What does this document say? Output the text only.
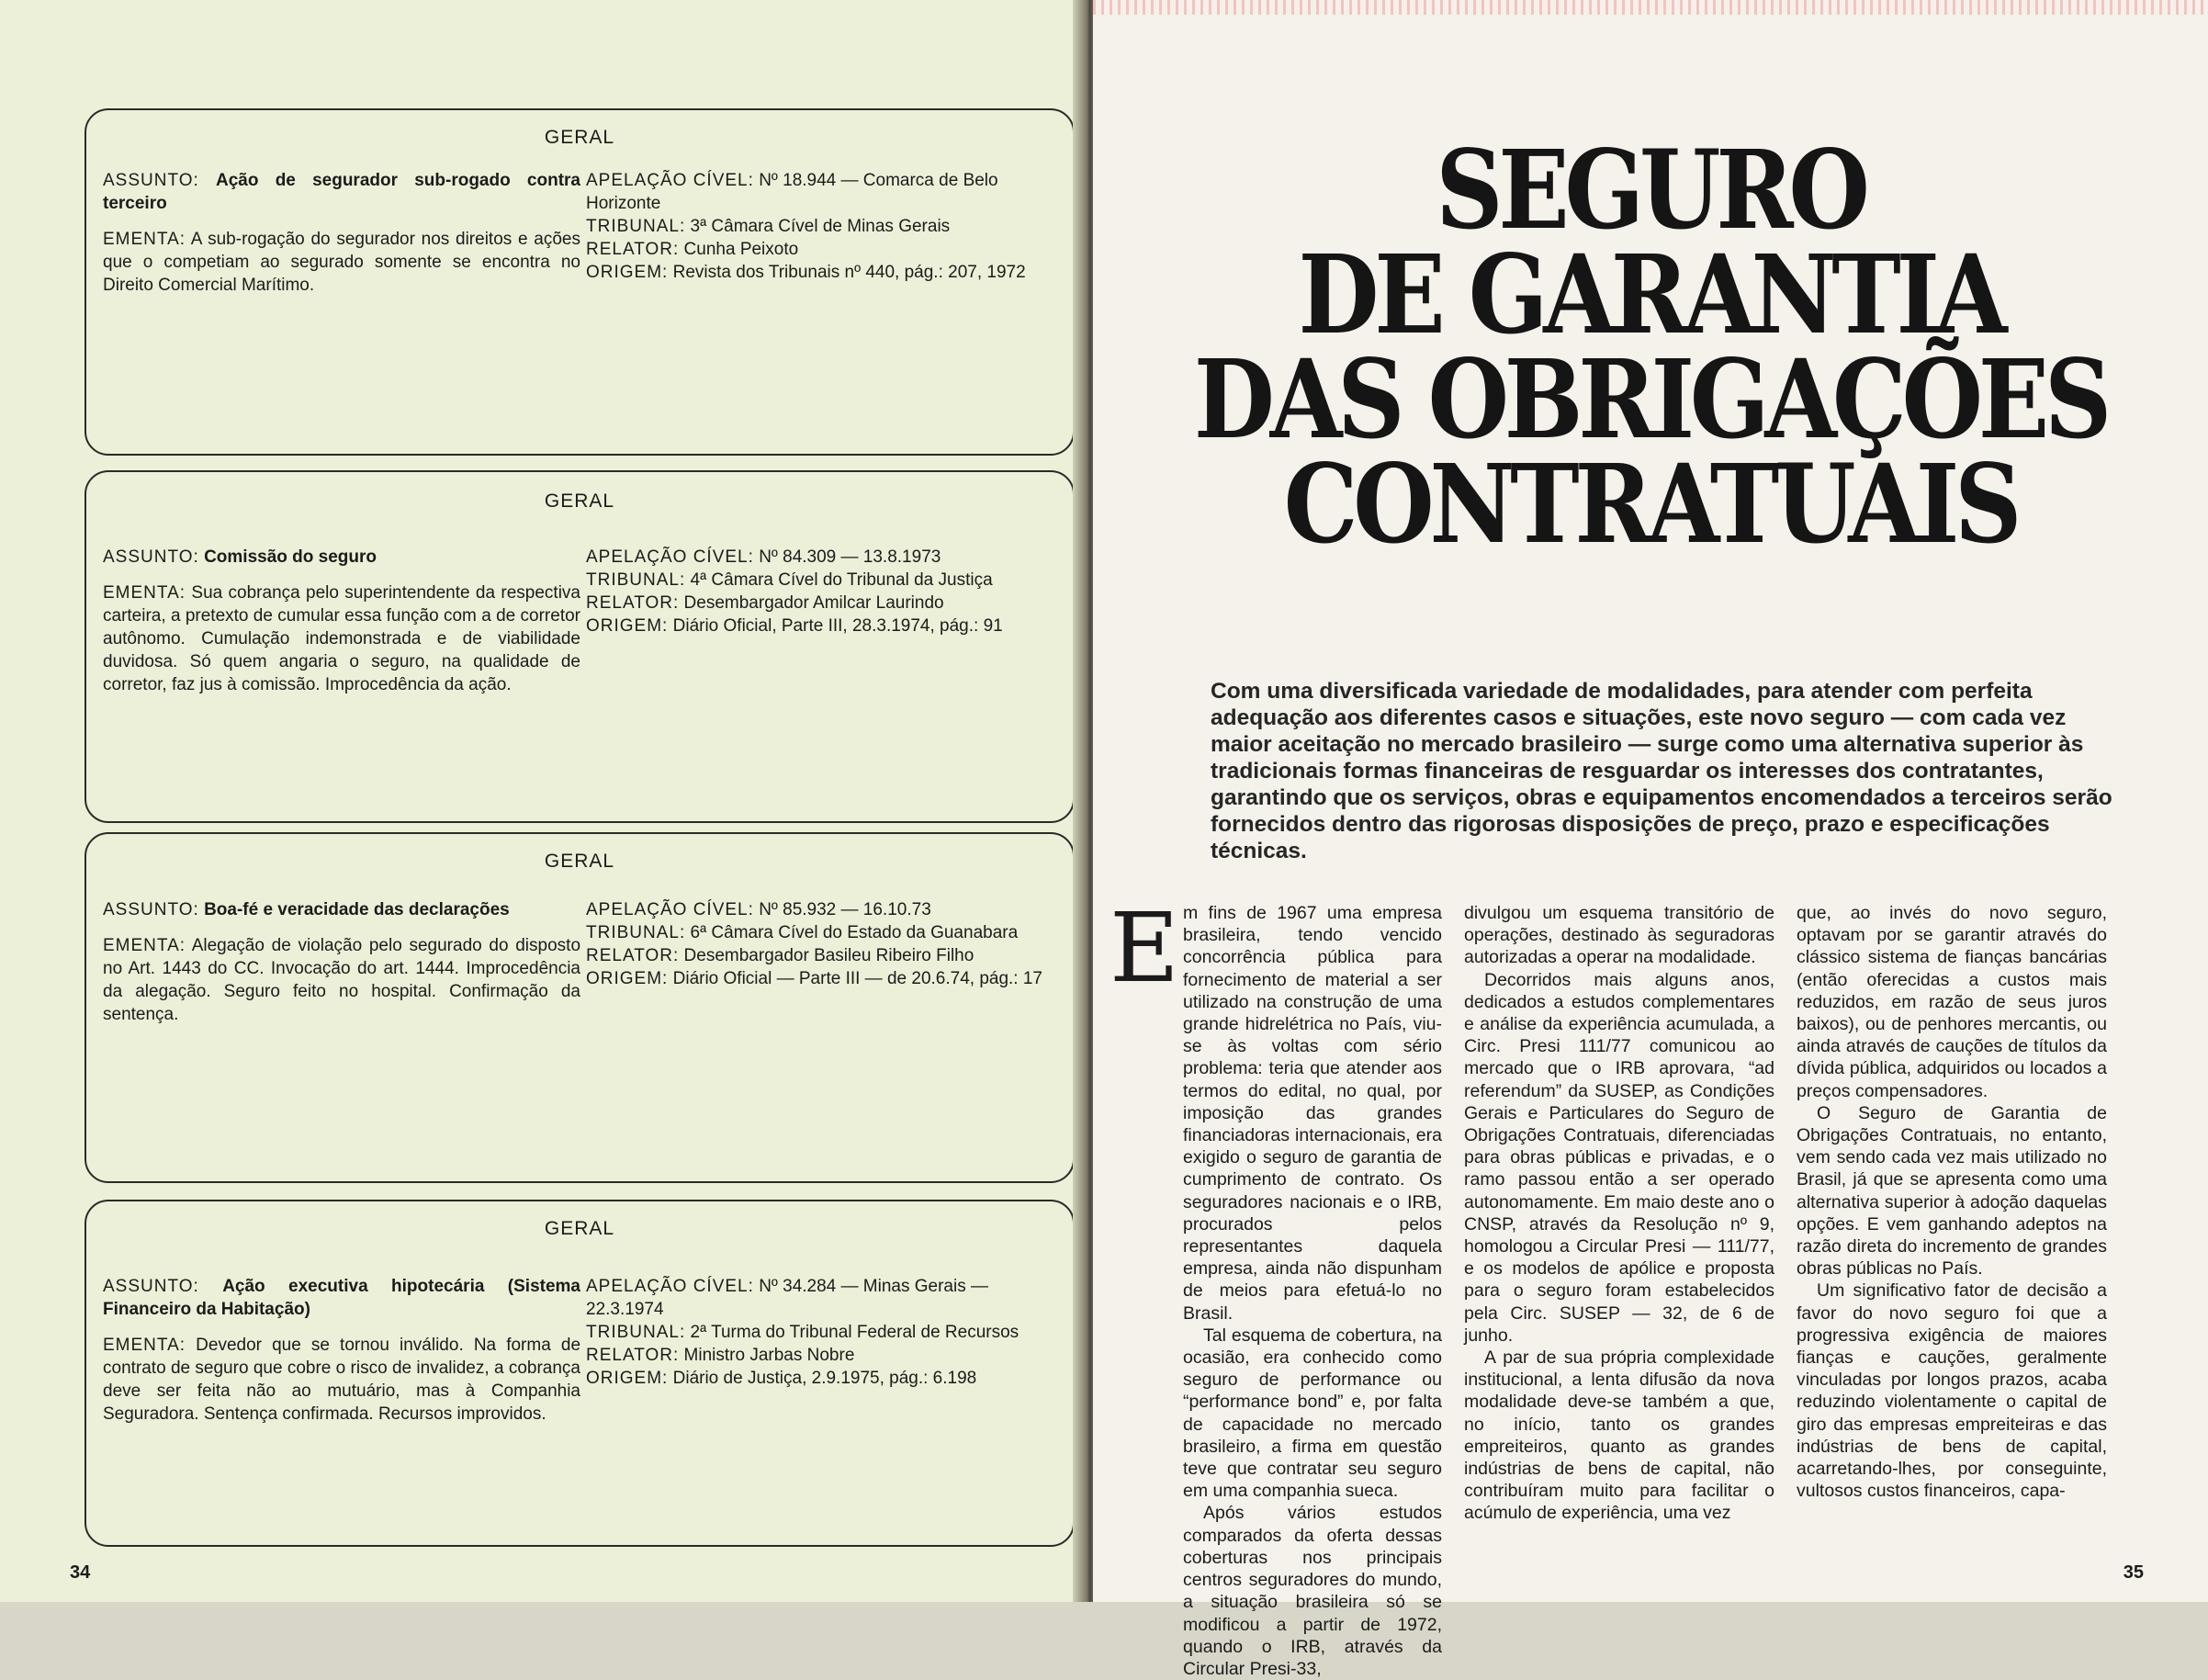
GERAL
ASSUNTO: Ação de segurador sub-rogado contra terceiro
EMENTA: A sub-rogação do segurador nos direitos e ações que o competiam ao segurado somente se encontra no Direito Comercial Marítimo.
APELAÇÃO CÍVEL: Nº 18.944 — Comarca de Belo Horizonte
TRIBUNAL: 3ª Câmara Cível de Minas Gerais
RELATOR: Cunha Peixoto
ORIGEM: Revista dos Tribunais nº 440, pág.: 207, 1972
GERAL
ASSUNTO: Comissão do seguro
EMENTA: Sua cobrança pelo superintendente da respectiva carteira, a pretexto de cumular essa função com a de corretor autônomo. Cumulação indemonstrada e de viabilidade duvidosa. Só quem angaria o seguro, na qualidade de corretor, faz jus à comissão. Improcedência da ação.
APELAÇÃO CÍVEL: Nº 84.309 — 13.8.1973
TRIBUNAL: 4ª Câmara Cível do Tribunal da Justiça
RELATOR: Desembargador Amilcar Laurindo
ORIGEM: Diário Oficial, Parte III, 28.3.1974, pág.: 91
GERAL
ASSUNTO: Boa-fé e veracidade das declarações
EMENTA: Alegação de violação pelo segurado do disposto no Art. 1443 do CC. Invocação do art. 1444. Improcedência da alegação. Seguro feito no hospital. Confirmação da sentença.
APELAÇÃO CÍVEL: Nº 85.932 — 16.10.73
TRIBUNAL: 6ª Câmara Cível do Estado da Guanabara
RELATOR: Desembargador Basileu Ribeiro Filho
ORIGEM: Diário Oficial — Parte III — de 20.6.74, pág.: 17
GERAL
ASSUNTO: Ação executiva hipotecária (Sistema Financeiro da Habitação)
EMENTA: Devedor que se tornou inválido. Na forma de contrato de seguro que cobre o risco de invalidez, a cobrança deve ser feita não ao mutuário, mas à Companhia Seguradora. Sentença confirmada. Recursos improvidos.
APELAÇÃO CÍVEL: Nº 34.284 — Minas Gerais — 22.3.1974
TRIBUNAL: 2ª Turma do Tribunal Federal de Recursos
RELATOR: Ministro Jarbas Nobre
ORIGEM: Diário de Justiça, 2.9.1975, pág.: 6.198
34
SEGURO
DE GARANTIA
DAS OBRIGAÇÕES
CONTRATUAIS
Com uma diversificada variedade de modalidades, para atender com perfeita adequação aos diferentes casos e situações, este novo seguro — com cada vez maior aceitação no mercado brasileiro — surge como uma alternativa superior às tradicionais formas financeiras de resguardar os interesses dos contratantes, garantindo que os serviços, obras e equipamentos encomendados a terceiros serão fornecidos dentro das rigorosas disposições de preço, prazo e especificações técnicas.
E m fins de 1967 uma empresa brasileira, tendo vencido concorrência pública para fornecimento de material a ser utilizado na construção de uma grande hidrelétrica no País, viu-se às voltas com sério problema: teria que atender aos termos do edital, no qual, por imposição das grandes financiadoras internacionais, era exigido o seguro de garantia de cumprimento de contrato. Os seguradores nacionais e o IRB, procurados pelos representantes daquela empresa, ainda não dispunham de meios para efetuá-lo no Brasil.

Tal esquema de cobertura, na ocasião, era conhecido como seguro de performance ou “performance bond” e, por falta de capacidade no mercado brasileiro, a firma em questão teve que contratar seu seguro em uma companhia sueca.

Após vários estudos comparados da oferta dessas coberturas nos principais centros seguradores do mundo, a situação brasileira só se modificou a partir de 1972, quando o IRB, através da Circular Presi-33,

divulgou um esquema transitório de operações, destinado às seguradoras autorizadas a operar na modalidade.

Decorridos mais alguns anos, dedicados a estudos complementares e análise da experiência acumulada, a Circ. Presi 111/77 comunicou ao mercado que o IRB aprovara, “ad referendum” da SUSEP, as Condições Gerais e Particulares do Seguro de Obrigações Contratuais, diferenciadas para obras públicas e privadas, e o ramo passou então a ser operado autonomamente. Em maio deste ano o CNSP, através da Resolução nº 9, homologou a Circular Presi — 111/77, e os modelos de apólice e proposta para o seguro foram estabelecidos pela Circ. SUSEP — 32, de 6 de junho.

A par de sua própria complexidade institucional, a lenta difusão da nova modalidade deve-se também a que, no início, tanto os grandes empreiteiros, quanto as grandes indústrias de bens de capital, não contribuíram muito para facilitar o acúmulo de experiência, uma vez

que, ao invés do novo seguro, optavam por se garantir através do clássico sistema de fianças bancárias (então oferecidas a custos mais reduzidos, em razão de seus juros baixos), ou de penhores mercantis, ou ainda através de cauções de títulos da dívida pública, adquiridos ou locados a preços compensadores.

O Seguro de Garantia de Obrigações Contratuais, no entanto, vem sendo cada vez mais utilizado no Brasil, já que se apresenta como uma alternativa superior à adoção daquelas opções. E vem ganhando adeptos na razão direta do incremento de grandes obras públicas no País.

Um significativo fator de decisão a favor do novo seguro foi que a progressiva exigência de maiores fianças e cauções, geralmente vinculadas por longos prazos, acaba reduzindo violentamente o capital de giro das empresas empreiteiras e das indústrias de bens de capital, acarretando-lhes, por conseguinte, vultosos custos financeiros, capa-

35
